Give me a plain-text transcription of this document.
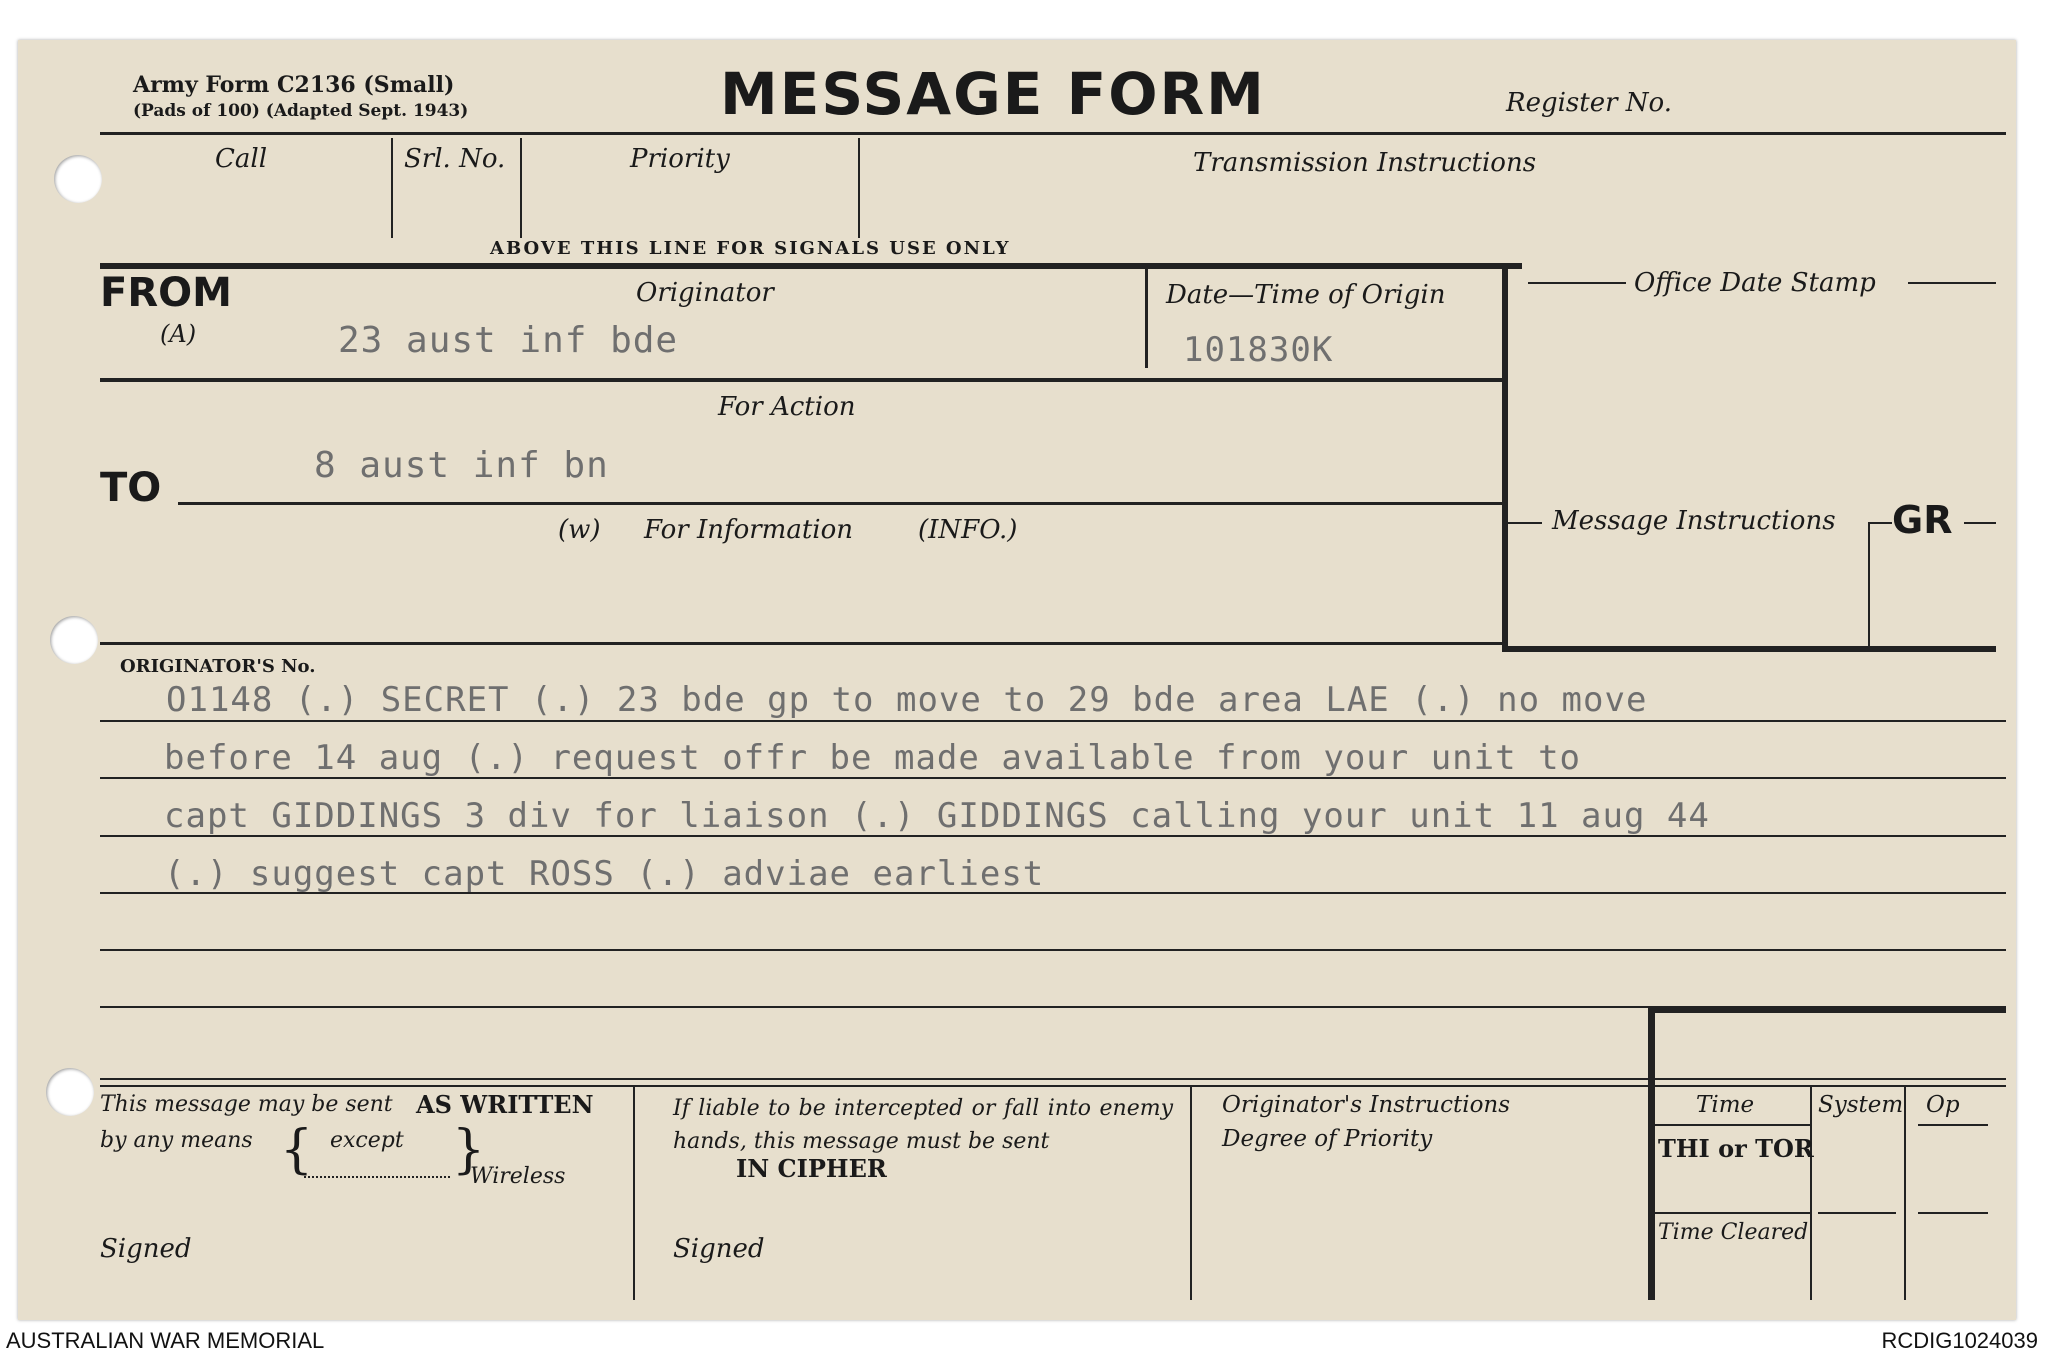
Army Form C2136 (Small)
(Pads of 100) (Adapted Sept. 1943)	MESSAGE FORM	Register No.
Call	Srl. No.	Priority	Transmission Instructions
ABOVE THIS LINE FOR SIGNALS USE ONLY
FROM
(A)
Originator
23 aust inf bde
Date—Time of Origin
101830K
Office Date Stamp
For Action
TO	8 aust inf bn
(w) For Information (INFO.)	Message Instructions GR
ORIGINATOR'S No.
O1148 (.) SECRET (.) 23 bde gp to move to 29 bde area LAE (.) no move
before 14 aug (.) request offr be made available from your unit to
capt GIDDINGS 3 div for liaison (.) GIDDINGS calling your unit 11 aug 44
(.) suggest capt ROSS (.) adviae earliest
This message may be sent AS WRITTEN
by any means { except }
Wireless
Signed
If liable to be intercepted or fall into enemy hands, this message must be sent
IN CIPHER
Signed
Originator's Instructions
Degree of Priority
Time	System Op
THI or TOR
Time Cleared
AUSTRALIAN WAR MEMORIAL	RCDIG1024039
